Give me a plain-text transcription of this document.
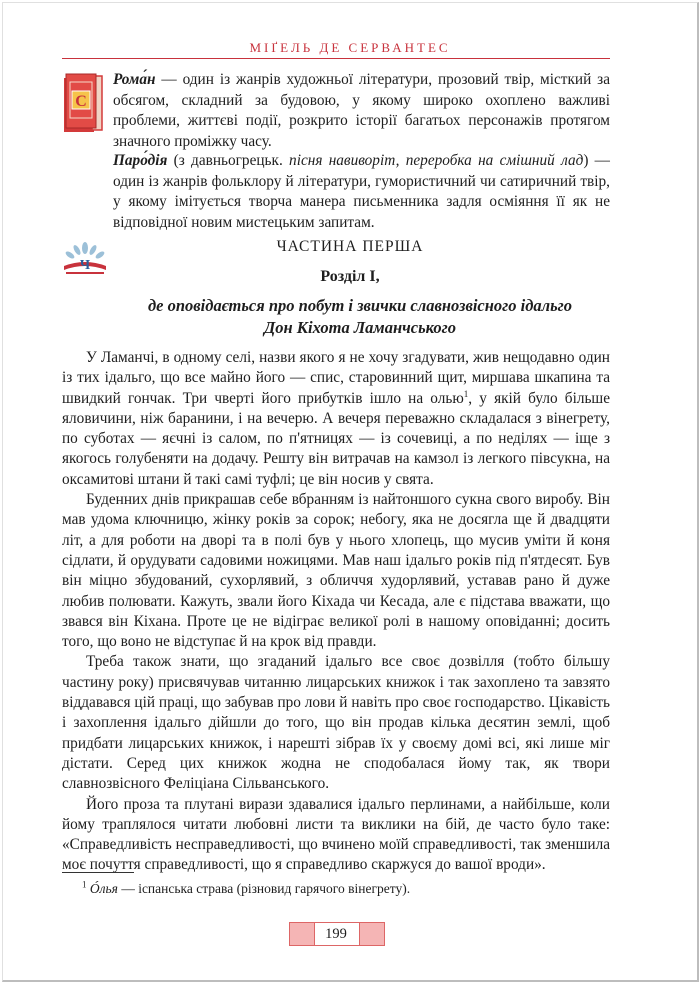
МІҐЕЛЬ ДЕ СЕРВАНТЕС
С

Рома́н — один із жанрів художньої літератури, прозовий твір, місткий за обсягом, складний за будовою, у якому широко охоплено важливі проблеми, життєві події, розкрито історії багатьох персонажів протягом значного проміжку часу.

Паро́дія (з давньогрецьк. пісня навиворіт, переробка на смішний лад) — один із жанрів фольклору й літератури, гумористичний чи сатиричний твір, у якому імітується творча манера письменника задля осміяння її як не відповідної новим мистецьким запитам.

Ч
ЧАСТИНА ПЕРША
Розділ І,
де оповідається про побут і звички славнозвісного ідальго
Дон Кіхота Ламанчського

У Ламанчі, в одному селі, назви якого я не хочу згадувати, жив нещодавно один із тих ідальго, що все майно його — спис, старовинний щит, миршава шкапина та швидкий гончак. Три чверті його прибутків ішло на олью$^1$, у якій було більше яловичини, ніж баранини, і на вечерю. А вечеря переважно складалася з вінегрету, по суботах — яєчні із салом, по п'ятницях — із сочевиці, а по неділях — іще з якогось голубеняти на додачу. Решту він витрачав на камзол із легкого півсукна, на оксамитові штани й такі самі туфлі; це він носив у свята.

Буденних днів прикрашав себе вбранням із найтоншого сукна свого виробу. Він мав удома ключницю, жінку років за сорок; небогу, яка не досягла ще й двадцяти літ, а для роботи на дворі та в полі був у нього хлопець, що мусив уміти й коня сідлати, й орудувати садовими ножицями. Мав наш ідальго років під п'ятдесят. Був він міцно збудований, сухорлявий, з обличчя худорлявий, уставав рано й дуже любив полювати. Кажуть, звали його Кіхада чи Кесада, але є підстава вважати, що звався він Кіхана. Проте це не відіграє великої ролі в нашому оповіданні; досить того, що воно не відступає й на крок від правди.

Треба також знати, що згаданий ідальго все своє дозвілля (тобто більшу частину року) присвячував читанню лицарських книжок і так захоплено та завзято віддавався цій праці, що забував про лови й навіть про своє господарство. Цікавість і захоплення ідальго дійшли до того, що він продав кілька десятин землі, щоб придбати лицарських книжок, і нарешті зібрав їх у своєму домі всі, які лише міг дістати. Серед цих книжок жодна не сподобалася йому так, як твори славнозвісного Феліціана Сільванського.

Його проза та плутані вирази здавалися ідальго перлинами, а найбільше, коли йому траплялося читати любовні листи та виклики на бій, де часто було таке: «Справедливість несправедливості, що вчинено моїй справедливості, так зменшила моє почуття справедливості, що я справедливо скаржуся до вашої вроди».

$^1$ Óлья — іспанська страва (різновид гарячого вінегрету).
199
